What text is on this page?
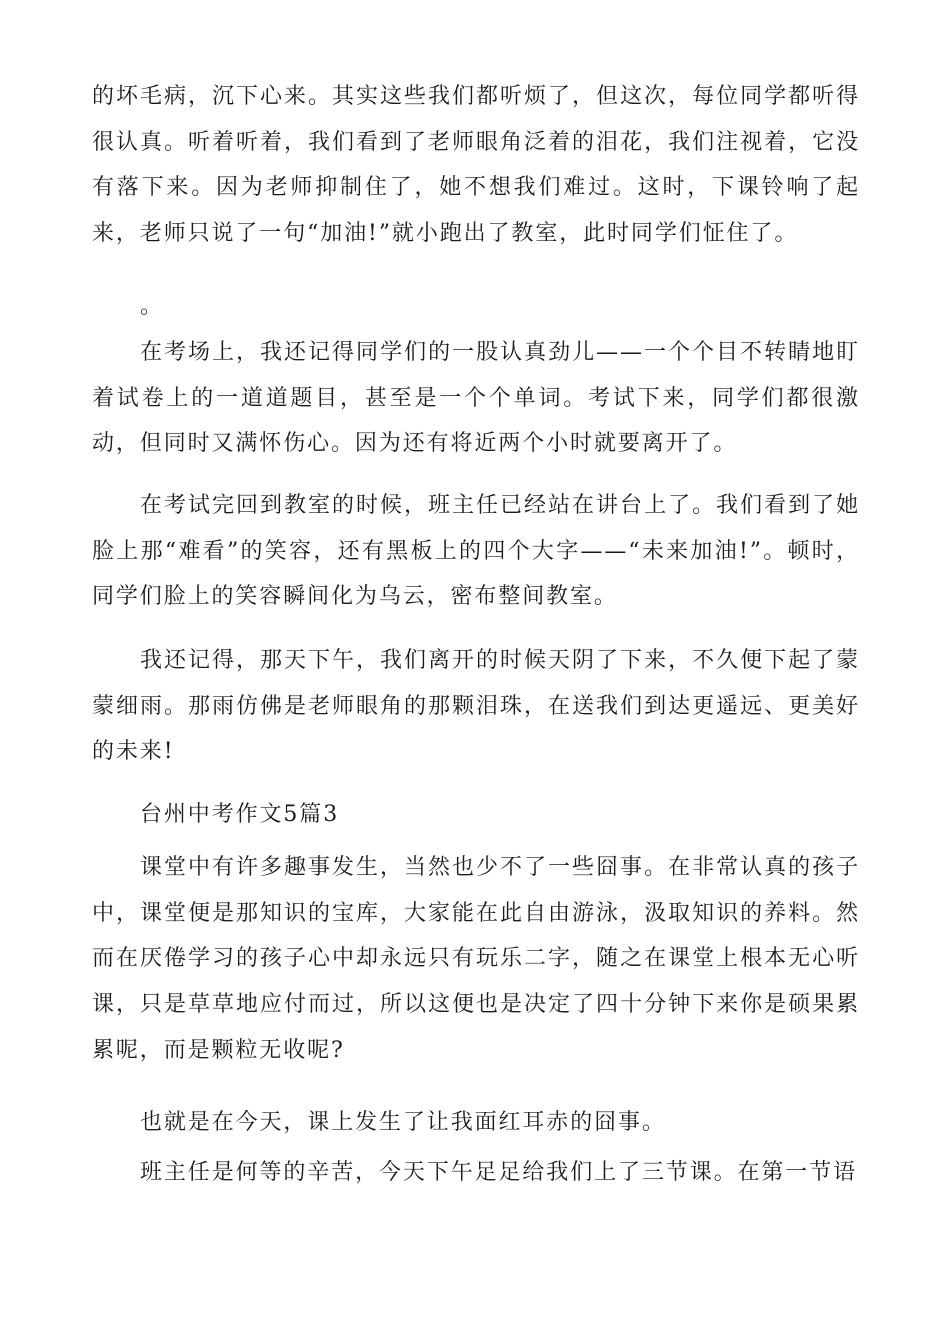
的坏毛病，沉下心来。其实这些我们都听烦了，但这次，每位同学都听得很认真。听着听着，我们看到了老师眼角泛着的泪花，我们注视着，它没有落下来。因为老师抑制住了，她不想我们难过。这时，下课铃响了起来，老师只说了一句“加油!”就小跑出了教室，此时同学们怔住了。

。

在考场上，我还记得同学们的一股认真劲儿——一个个目不转睛地盯着试卷上的一道道题目，甚至是一个个单词。考试下来，同学们都很激动，但同时又满怀伤心。因为还有将近两个小时就要离开了。

在考试完回到教室的时候，班主任已经站在讲台上了。我们看到了她脸上那“难看”的笑容，还有黑板上的四个大字——“未来加油!”。顿时，同学们脸上的笑容瞬间化为乌云，密布整间教室。

我还记得，那天下午，我们离开的时候天阴了下来，不久便下起了蒙蒙细雨。那雨仿佛是老师眼角的那颗泪珠，在送我们到达更遥远、更美好的未来!

台州中考作文5篇3

课堂中有许多趣事发生，当然也少不了一些囧事。在非常认真的孩子中，课堂便是那知识的宝库，大家能在此自由游泳，汲取知识的养料。然而在厌倦学习的孩子心中却永远只有玩乐二字，随之在课堂上根本无心听课，只是草草地应付而过，所以这便也是决定了四十分钟下来你是硕果累累呢，而是颗粒无收呢?

也就是在今天，课上发生了让我面红耳赤的囧事。

班主任是何等的辛苦，今天下午足足给我们上了三节课。在第一节语
